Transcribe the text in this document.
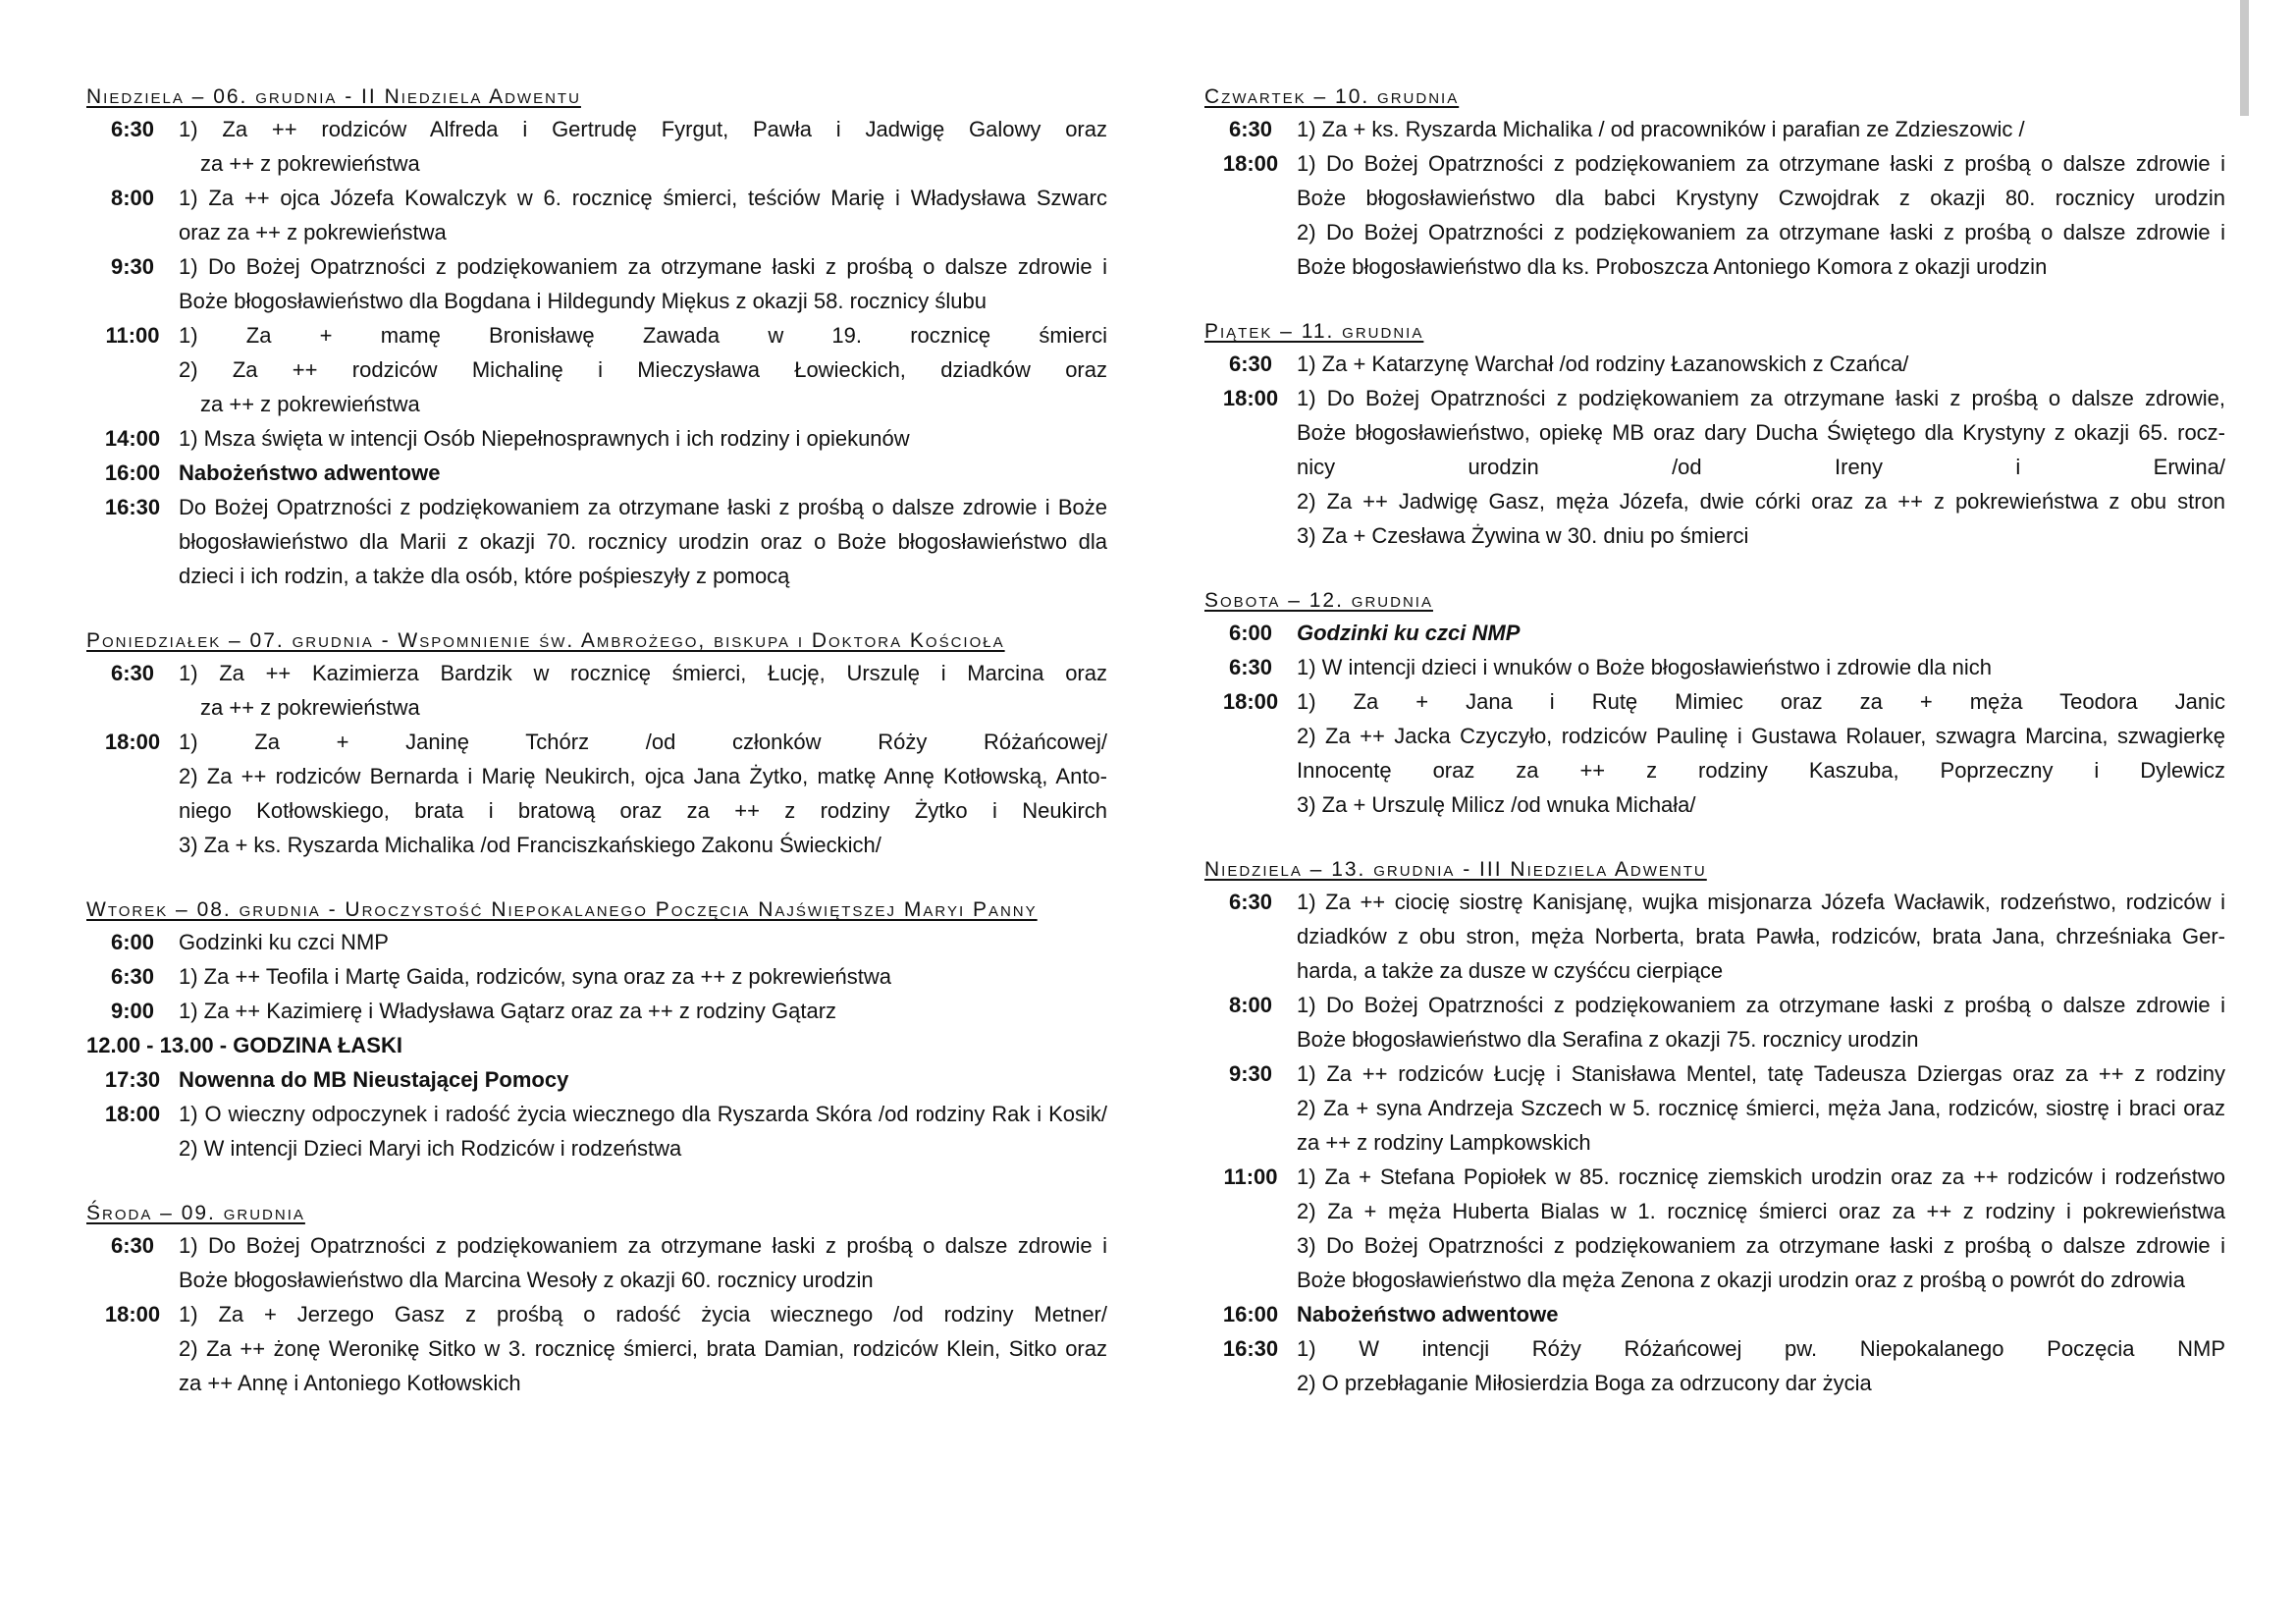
Niedziela – 06. grudnia - II Niedziela Adwentu
6:30	1) Za ++ rodziców Alfreda i Gertrudę Fyrgut, Pawła i Jadwigę Galowy oraz
za ++ z pokrewieństwa
8:00	1) Za ++ ojca Józefa Kowalczyk w 6. rocznicę śmierci, teściów Marię i Władysława Szwarc
oraz za ++ z pokrewieństwa
9:30	1) Do Bożej Opatrzności z podziękowaniem za otrzymane łaski z prośbą o dalsze zdrowie i
Boże błogosławieństwo dla Bogdana i Hildegundy Miękus z okazji 58. rocznicy ślubu
11:00 1) Za + mamę Bronisławę Zawada w 19. rocznicę śmierci
2) Za ++ rodziców Michalinę i Mieczysława Łowieckich, dziadków oraz
za ++ z pokrewieństwa
14:00 1) Msza święta w intencji Osób Niepełnosprawnych i ich rodziny i opiekunów
16:00 Nabożeństwo adwentowe
16:30 Do Bożej Opatrzności z podziękowaniem za otrzymane łaski z prośbą o dalsze zdrowie i Boże
błogosławieństwo dla Marii z okazji 70. rocznicy urodzin oraz o Boże błogosławieństwo dla
dzieci i ich rodzin, a także dla osób, które pośpieszyły z pomocą
Poniedziałek – 07. grudnia - Wspomnienie św. Ambrożego, biskupa i Doktora Kościoła
6:30	1) Za ++ Kazimierza Bardzik w rocznicę śmierci, Łucję, Urszulę i Marcina oraz
za ++ z pokrewieństwa
18:00 1) Za + Janinę Tchórz /od członków Róży Różańcowej/
2) Za ++ rodziców Bernarda i Marię Neukirch, ojca Jana Żytko, matkę Annę Kotłowską, Anto-
niego Kotłowskiego, brata i bratową oraz za ++ z rodziny Żytko i Neukirch
3) Za + ks. Ryszarda Michalika /od Franciszkańskiego Zakonu Świeckich/
Wtorek – 08. grudnia - Uroczystość Niepokalanego Poczęcia Najświętszej Maryi Panny
6:00	Godzinki ku czci NMP
6:30	1) Za ++ Teofila i Martę Gaida, rodziców, syna oraz za ++ z pokrewieństwa
9:00	1) Za ++ Kazimierę i Władysława Gątarz oraz za ++ z rodziny Gątarz
12.00 - 13.00 - GODZINA ŁASKI
17:30 Nowenna do MB Nieustającej Pomocy
18:00 1) O wieczny odpoczynek i radość życia wiecznego dla Ryszarda Skóra /od rodziny Rak i Kosik/
2) W intencji Dzieci Maryi ich Rodziców i rodzeństwa
Środa – 09. grudnia
6:30	1) Do Bożej Opatrzności z podziękowaniem za otrzymane łaski z prośbą o dalsze zdrowie i
Boże błogosławieństwo dla Marcina Wesoły z okazji 60. rocznicy urodzin
18:00 1) Za + Jerzego Gasz z prośbą o radość życia wiecznego /od rodziny Metner/
2) Za ++ żonę Weronikę Sitko w 3. rocznicę śmierci, brata Damian, rodziców Klein, Sitko oraz
za ++ Annę i Antoniego Kotłowskich
Czwartek – 10. grudnia
6:30	1) Za + ks. Ryszarda Michalika / od pracowników i parafian ze Zdzieszowic /
18:00 1) Do Bożej Opatrzności z podziękowaniem za otrzymane łaski z prośbą o dalsze zdrowie i
Boże błogosławieństwo dla babci Krystyny Czwojdrak z okazji 80. rocznicy urodzin
2) Do Bożej Opatrzności z podziękowaniem za otrzymane łaski z prośbą o dalsze zdrowie i
Boże błogosławieństwo dla ks. Proboszcza Antoniego Komora z okazji urodzin
Piątek – 11. grudnia
6:30	1) Za + Katarzynę Warchał /od rodziny Łazanowskich z Czańca/
18:00 1) Do Bożej Opatrzności z podziękowaniem za otrzymane łaski z prośbą o dalsze zdrowie,
Boże błogosławieństwo, opiekę MB oraz dary Ducha Świętego dla Krystyny z okazji 65. rocz-
nicy urodzin /od Ireny i Erwina/
2) Za ++ Jadwigę Gasz, męża Józefa, dwie córki oraz za ++ z pokrewieństwa z obu stron
3) Za + Czesława Żywina w 30. dniu po śmierci
Sobota – 12. grudnia
6:00	Godzinki ku czci NMP
6:30	1) W intencji dzieci i wnuków o Boże błogosławieństwo i zdrowie dla nich
18:00 1) Za + Jana i Rutę Mimiec oraz za + męża Teodora Janic
2) Za ++ Jacka Czyczyło, rodziców Paulinę i Gustawa Rolauer, szwagra Marcina, szwagierkę
Innocentę oraz za ++ z rodziny Kaszuba, Poprzeczny i Dylewicz
3) Za + Urszulę Milicz /od wnuka Michała/
Niedziela – 13. grudnia - III Niedziela Adwentu
6:30	1) Za ++ ciocię siostrę Kanisjanę, wujka misjonarza Józefa Wacławik, rodzeństwo, rodziców i
dziadków z obu stron, męża Norberta, brata Pawła, rodziców, brata Jana, chrześniaka Ger-
harda, a także za dusze w czyśćcu cierpiące
8:00	1) Do Bożej Opatrzności z podziękowaniem za otrzymane łaski z prośbą o dalsze zdrowie i
Boże błogosławieństwo dla Serafina z okazji 75. rocznicy urodzin
9:30	1) Za ++ rodziców Łucję i Stanisława Mentel, tatę Tadeusza Dziergas oraz za ++ z rodziny
2) Za + syna Andrzeja Szczech w 5. rocznicę śmierci, męża Jana, rodziców, siostrę i braci oraz
za ++ z rodziny Lampkowskich
11:00 1) Za + Stefana Popiołek w 85. rocznicę ziemskich urodzin oraz za ++ rodziców i rodzeństwo
2) Za + męża Huberta Bialas w 1. rocznicę śmierci oraz za ++ z rodziny i pokrewieństwa
3) Do Bożej Opatrzności z podziękowaniem za otrzymane łaski z prośbą o dalsze zdrowie i
Boże błogosławieństwo dla męża Zenona z okazji urodzin oraz z prośbą o powrót do zdrowia
16:00 Nabożeństwo adwentowe
16:30 1) W intencji Róży Różańcowej pw. Niepokalanego Poczęcia NMP
2) O przebłaganie Miłosierdzia Boga za odrzucony dar życia
